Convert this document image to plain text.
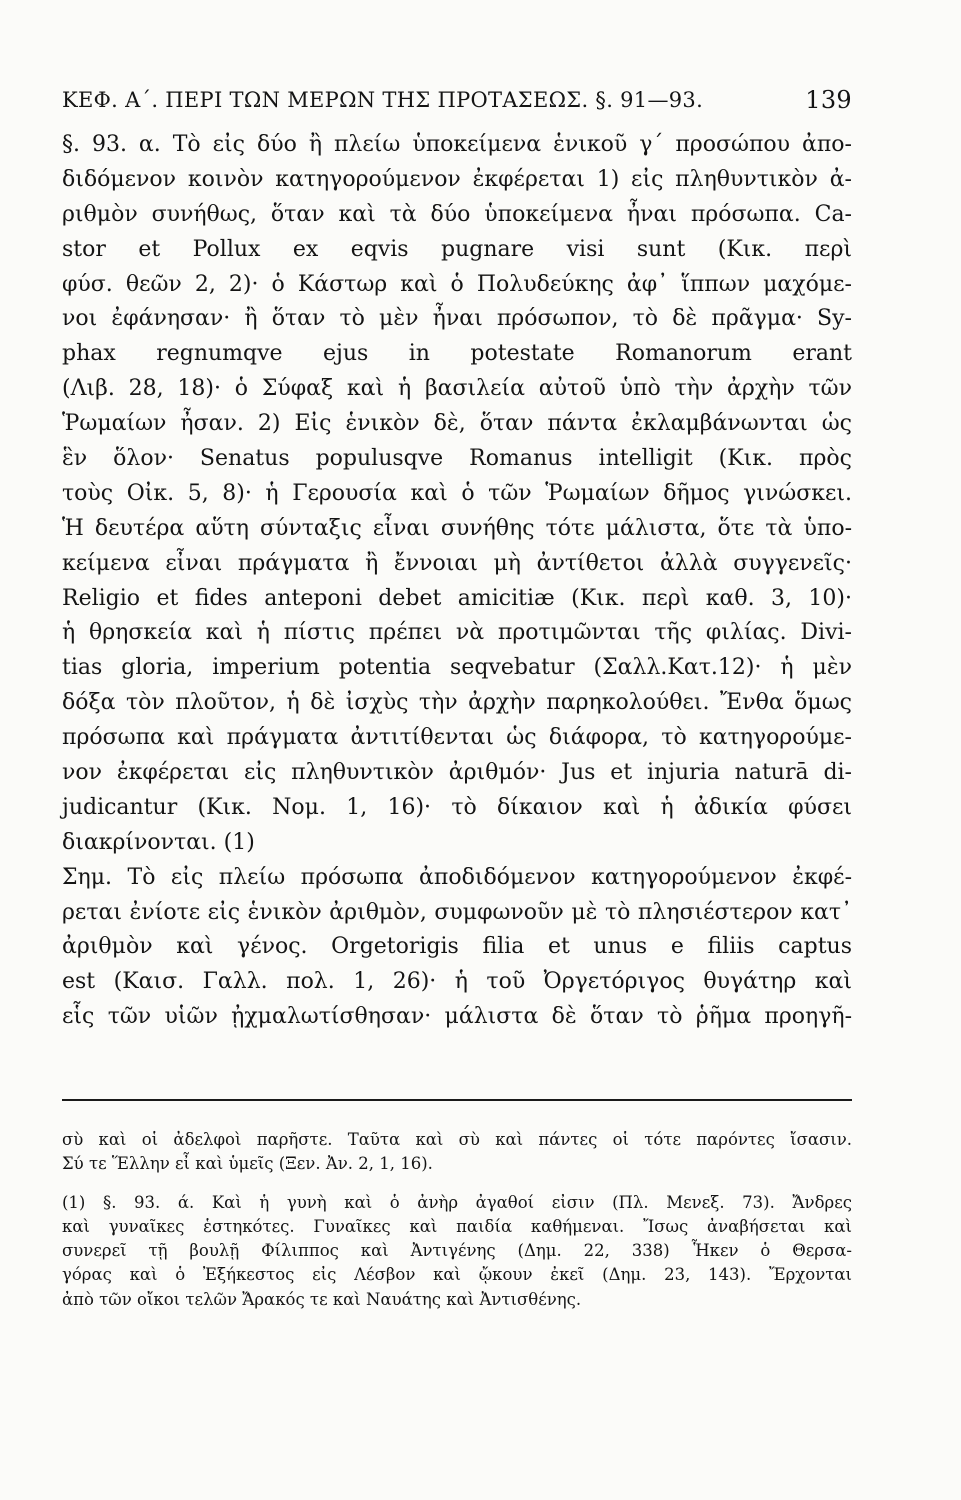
ΚΕΦ. Α΄. ΠΕΡΙ ΤΩΝ ΜΕΡΩΝ ΤΗΣ ΠΡΟΤΑΣΕΩΣ. §. 91—93.	139
§. 93. α. Τὸ εἰς δύο ἢ πλείω ὑποκείμενα ἑνικοῦ γ΄ προσώπου ἀπο-
διδόμενον κοινὸν κατηγορούμενον ἐκφέρεται 1) εἰς πληθυντικὸν ἀ-
ριθμὸν συνήθως, ὅταν καὶ τὰ δύο ὑποκείμενα ἦναι πρόσωπα. Ca-
stor et Pollux ex eqvis pugnare visi sunt (Κικ. περὶ
φύσ. θεῶν 2, 2)· ὁ Κάστωρ καὶ ὁ Πολυδεύκης ἀφ᾽ ἵππων μαχόμε-
νοι ἐφάνησαν· ἢ ὅταν τὸ μὲν ἦναι πρόσωπον, τὸ δὲ πρᾶγμα· Sy-
phax regnumqve ejus in potestate Romanorum erant
(Λιβ. 28, 18)· ὁ Σύφαξ καὶ ἡ βασιλεία αὐτοῦ ὑπὸ τὴν ἀρχὴν τῶν
Ῥωμαίων ἦσαν. 2) Εἰς ἑνικὸν δὲ, ὅταν πάντα ἐκλαμβάνωνται ὡς
ἓν ὅλον· Senatus populusqve Romanus intelligit (Κικ. πρὸς
τοὺς Οἰκ. 5, 8)· ἡ Γερουσία καὶ ὁ τῶν Ῥωμαίων δῆμος γινώσκει.
Ἡ δευτέρα αὕτη σύνταξις εἶναι συνήθης τότε μάλιστα, ὅτε τὰ ὑπο-
κείμενα εἶναι πράγματα ἢ ἔννοιαι μὴ ἀντίθετοι ἀλλὰ συγγενεῖς·
Religio et fides anteponi debet amicitiæ (Κικ. περὶ καθ. 3, 10)·
ἡ θρησκεία καὶ ἡ πίστις πρέπει νὰ προτιμῶνται τῆς φιλίας. Divi-
tias gloria, imperium potentia seqvebatur (Σαλλ.Κατ.12)· ἡ μὲν
δόξα τὸν πλοῦτον, ἡ δὲ ἰσχὺς τὴν ἀρχὴν παρηκολούθει. Ἔνθα ὅμως
πρόσωπα καὶ πράγματα ἀντιτίθενται ὡς διάφορα, τὸ κατηγορούμε-
νον ἐκφέρεται εἰς πληθυντικὸν ἀριθμόν· Jus et injuria naturā di-
judicantur (Κικ. Νομ. 1, 16)· τὸ δίκαιον καὶ ἡ ἀδικία φύσει
διακρίνονται. (1)
Σημ. Τὸ εἰς πλείω πρόσωπα ἀποδιδόμενον κατηγορούμενον ἐκφέ-
ρεται ἐνίοτε εἰς ἑνικὸν ἀριθμὸν, συμφωνοῦν μὲ τὸ πλησιέστερον κατ᾽
ἀριθμὸν καὶ γένος. Orgetorigis filia et unus e filiis captus
est (Καισ. Γαλλ. πολ. 1, 26)· ἡ τοῦ Ὀργετόριγος θυγάτηρ καὶ
εἷς τῶν υἱῶν ᾐχμαλωτίσθησαν· μάλιστα δὲ ὅταν τὸ ῥῆμα προηγῆ-
σὺ καὶ οἱ ἀδελφοὶ παρῆστε. Ταῦτα καὶ σὺ καὶ πάντες οἱ τότε παρόντες ἴσασιν.
Σύ τε Ἕλλην εἶ καὶ ὑμεῖς (Ξεν. Ἀν. 2, 1, 16).
(1) §. 93. ά. Καὶ ἡ γυνὴ καὶ ὁ ἀνὴρ ἀγαθοί εἰσιν (Πλ. Μενεξ. 73). Ἄνδρες
καὶ γυναῖκες ἑστηκότες. Γυναῖκες καὶ παιδία καθήμεναι. Ἴσως ἀναβήσεται καὶ
συνερεῖ τῇ βουλῇ Φίλιππος καὶ Ἀντιγένης (Δημ. 22, 338) Ἧκεν ὁ Θερσα-
γόρας καὶ ὁ Ἐξήκεστος εἰς Λέσβον καὶ ᾤκουν ἐκεῖ (Δημ. 23, 143). Ἔρχονται
ἀπὸ τῶν οἴκοι τελῶν Ἄρακός τε καὶ Ναυάτης καὶ Ἀντισθένης.
